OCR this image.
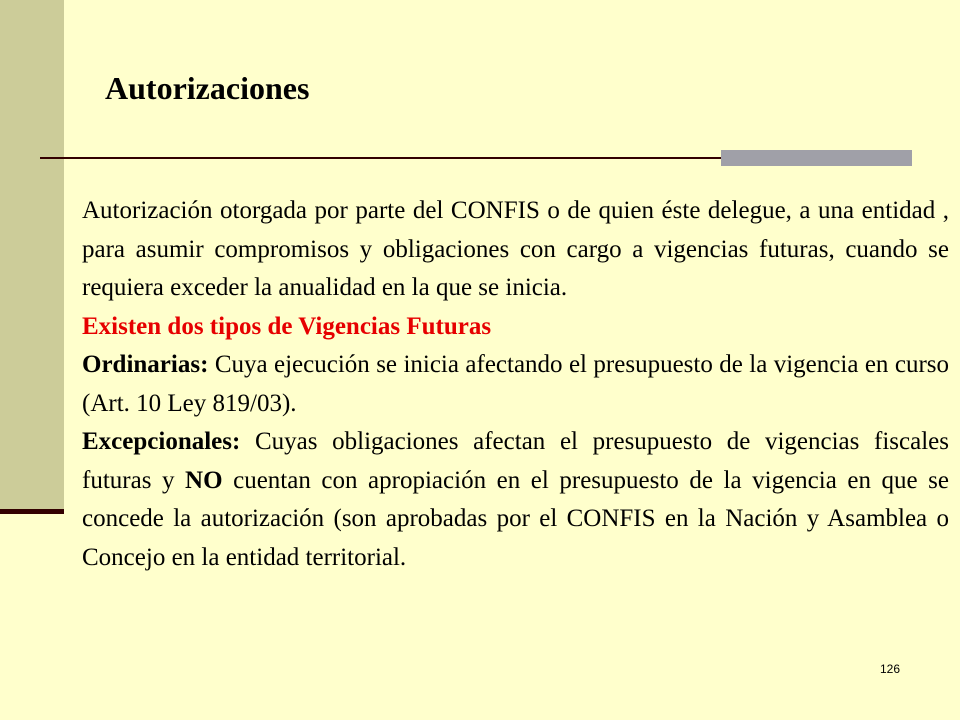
Autorizaciones

Autorización otorgada por parte del CONFIS o de quien éste delegue, a una entidad , para asumir compromisos y obligaciones con cargo a vigencias futuras, cuando se requiera exceder la anualidad en la que se inicia.

Existen dos tipos de Vigencias Futuras

Ordinarias: Cuya ejecución se inicia afectando el presupuesto de la vigencia en curso (Art. 10 Ley 819/03).

Excepcionales: Cuyas obligaciones afectan el presupuesto de vigencias fiscales futuras y NO cuentan con apropiación en el presupuesto de la vigencia en que se concede la autorización (son aprobadas por el CONFIS en la Nación y Asamblea o Concejo en la entidad territorial.

126
